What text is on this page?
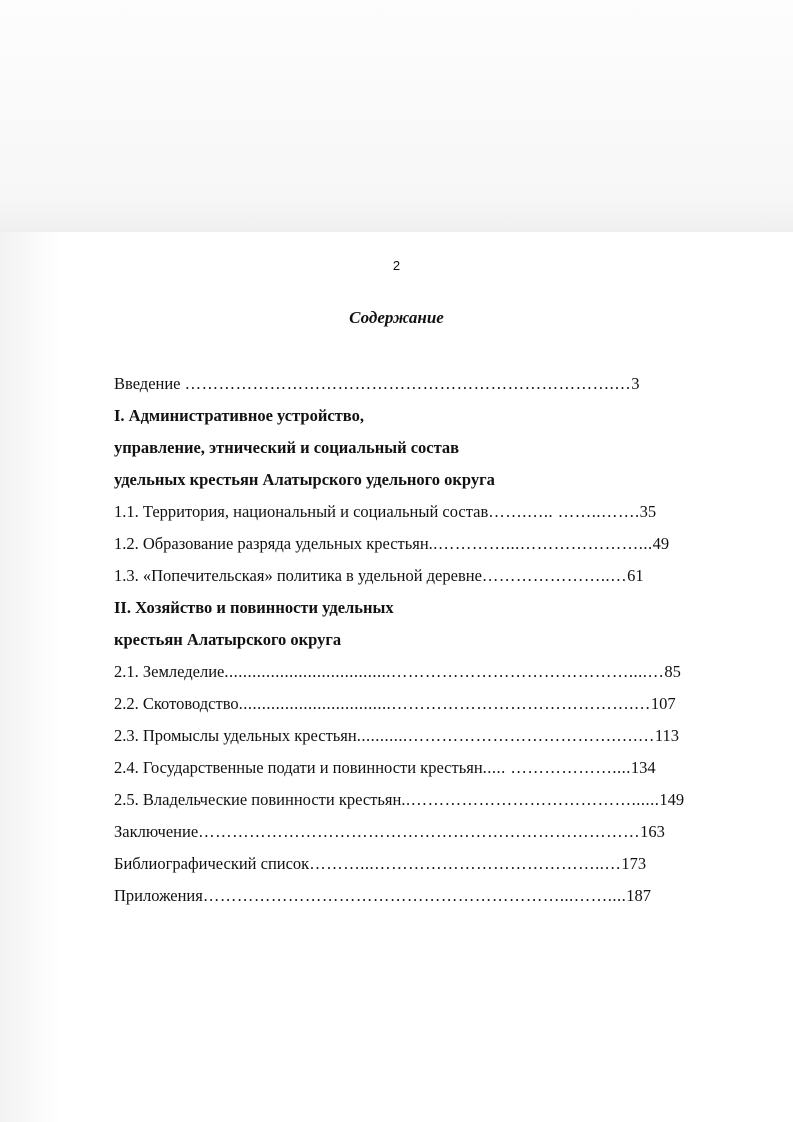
2
Содержание
Введение ………………………………………………………………….…3
I. Административное устройство,
управление, этнический и социальный состав
удельных крестьян Алатырского удельного округа
1.1. Территория, национальный и социальный состав…….….. ……..…….35
1.2. Образование разряда удельных крестьян..…………...…………………...49
1.3. «Попечительская» политика в удельной деревне…………………..…61
II. Хозяйство и повинности удельных
крестьян Алатырского округа
2.1. Земледелие....................................……………………………………....…85
2.2. Скотоводство.................................…………………………………….…107
2.3. Промыслы удельных крестьян...........……………………………….….…113
2.4. Государственные подати и повинности крестьян..... ………………....134
2.5. Владельческие повинности крестьян..…………………………………......149
Заключение……………………………………………………………………163
Библиографический список………...…………………………………..…173
Приложения………………………………………………………...……....187
